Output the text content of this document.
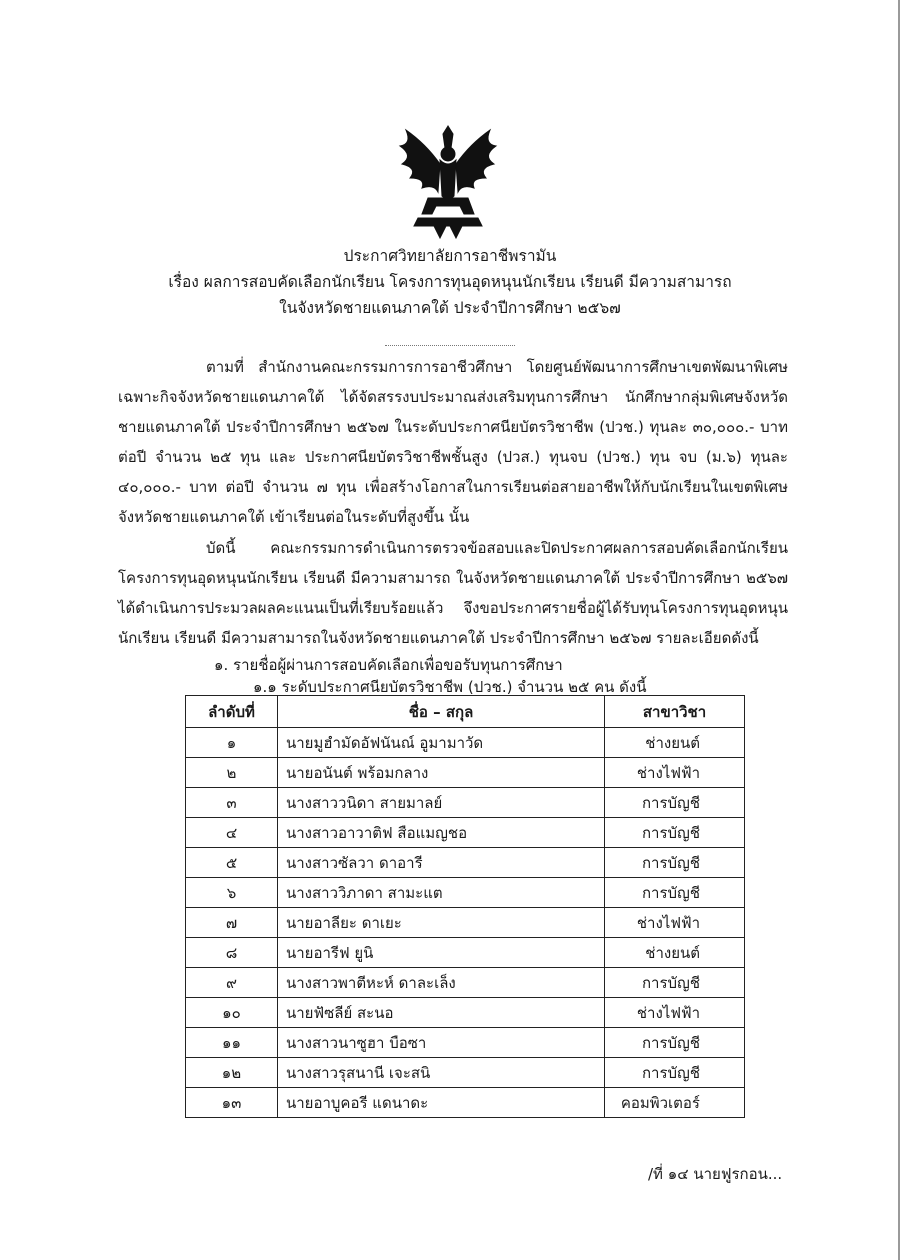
ประกาศวิทยาลัยการอาชีพรามัน
เรื่อง ผลการสอบคัดเลือกนักเรียน โครงการทุนอุดหนุนนักเรียน เรียนดี มีความสามารถ
ในจังหวัดชายแดนภาคใต้ ประจำปีการศึกษา ๒๕๖๗
ตามที่ สำนักงานคณะกรรมการการอาชีวศึกษา โดยศูนย์พัฒนาการศึกษาเขตพัฒนาพิเศษเฉพาะกิจจังหวัดชายแดนภาคใต้ ได้จัดสรรงบประมาณส่งเสริมทุนการศึกษา นักศึกษากลุ่มพิเศษจังหวัดชายแดนภาคใต้ ประจำปีการศึกษา ๒๕๖๗ ในระดับประกาศนียบัตรวิชาชีพ (ปวช.) ทุนละ ๓๐,๐๐๐.- บาท ต่อปี จำนวน ๒๕ ทุน และ ประกาศนียบัตรวิชาชีพชั้นสูง (ปวส.) ทุนจบ (ปวช.) ทุน จบ (ม.๖) ทุนละ ๔๐,๐๐๐.- บาท ต่อปี จำนวน ๗ ทุน เพื่อสร้างโอกาสในการเรียนต่อสายอาชีพให้กับนักเรียนในเขตพิเศษจังหวัดชายแดนภาคใต้ เข้าเรียนต่อในระดับที่สูงขึ้น นั้น
บัดนี้ คณะกรรมการดำเนินการตรวจข้อสอบและปิดประกาศผลการสอบคัดเลือกนักเรียน โครงการทุนอุดหนุนนักเรียน เรียนดี มีความสามารถ ในจังหวัดชายแดนภาคใต้ ประจำปีการศึกษา ๒๕๖๗ ได้ดำเนินการประมวลผลคะแนนเป็นที่เรียบร้อยแล้ว จึงขอประกาศรายชื่อผู้ได้รับทุนโครงการทุนอุดหนุนนักเรียน เรียนดี มีความสามารถในจังหวัดชายแดนภาคใต้ ประจำปีการศึกษา ๒๕๖๗ รายละเอียดดังนี้
๑. รายชื่อผู้ผ่านการสอบคัดเลือกเพื่อขอรับทุนการศึกษา
๑.๑ ระดับประกาศนียบัตรวิชาชีพ (ปวช.) จำนวน ๒๕ คน ดังนี้
ลำดับที่	ชื่อ – สกุล	สาขาวิชา
๑	นายมูฮำมัดอัฟนันณ์ อูมามาวัด	ช่างยนต์
๒	นายอนันต์ พร้อมกลาง	ช่างไฟฟ้า
๓	นางสาววนิดา สายมาลย์	การบัญชี
๔	นางสาวอาวาติฟ สือแมญชอ	การบัญชี
๕	นางสาวซัลวา ดาอารี	การบัญชี
๖	นางสาววิภาดา สามะแต	การบัญชี
๗	นายอาลียะ ดาเยะ	ช่างไฟฟ้า
๘	นายอารีฟ ยูนิ	ช่างยนต์
๙	นางสาวพาตีหะห์ ดาละเล็ง	การบัญชี
๑๐	นายฟัซลีย์ สะนอ	ช่างไฟฟ้า
๑๑	นางสาวนาซูฮา บือซา	การบัญชี
๑๒	นางสาวรุสนานี เจะสนิ	การบัญชี
๑๓	นายอาบูคอรี แดนาดะ	คอมพิวเตอร์
/ที่ ๑๔ นายฟูรกอน...
